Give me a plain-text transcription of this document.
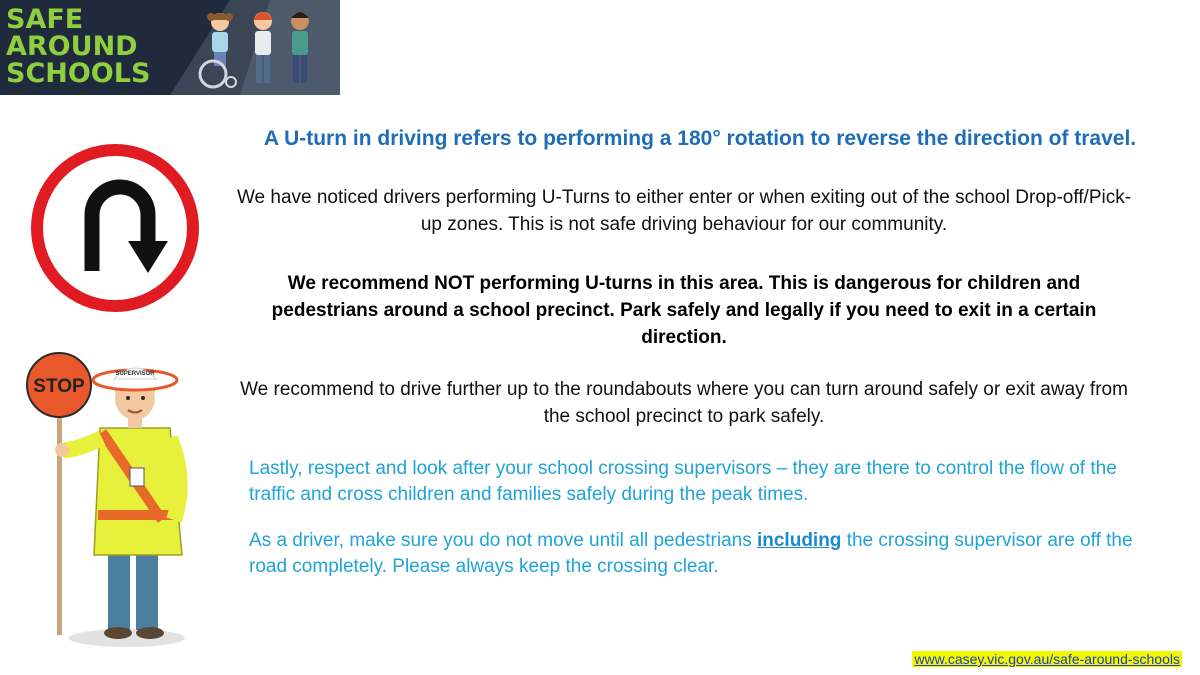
SAFE
AROUND
SCHOOLS
STOP
SUPERVISOR
A U-turn in driving refers to performing a 180° rotation to reverse the direction of travel.
We have noticed drivers performing U-Turns to either enter or when exiting out of the school Drop-off/Pick-up zones. This is not safe driving behaviour for our community.
We recommend NOT performing U-turns in this area. This is dangerous for children and pedestrians around a school precinct. Park safely and legally if you need to exit in a certain direction.
We recommend to drive further up to the roundabouts where you can turn around safely or exit away from the school precinct to park safely.
Lastly, respect and look after your school crossing supervisors – they are there to control the flow of the traffic and cross children and families safely during the peak times.
As a driver, make sure you do not move until all pedestrians including the crossing supervisor are off the road completely. Please always keep the crossing clear.
www.casey.vic.gov.au/safe-around-schools
